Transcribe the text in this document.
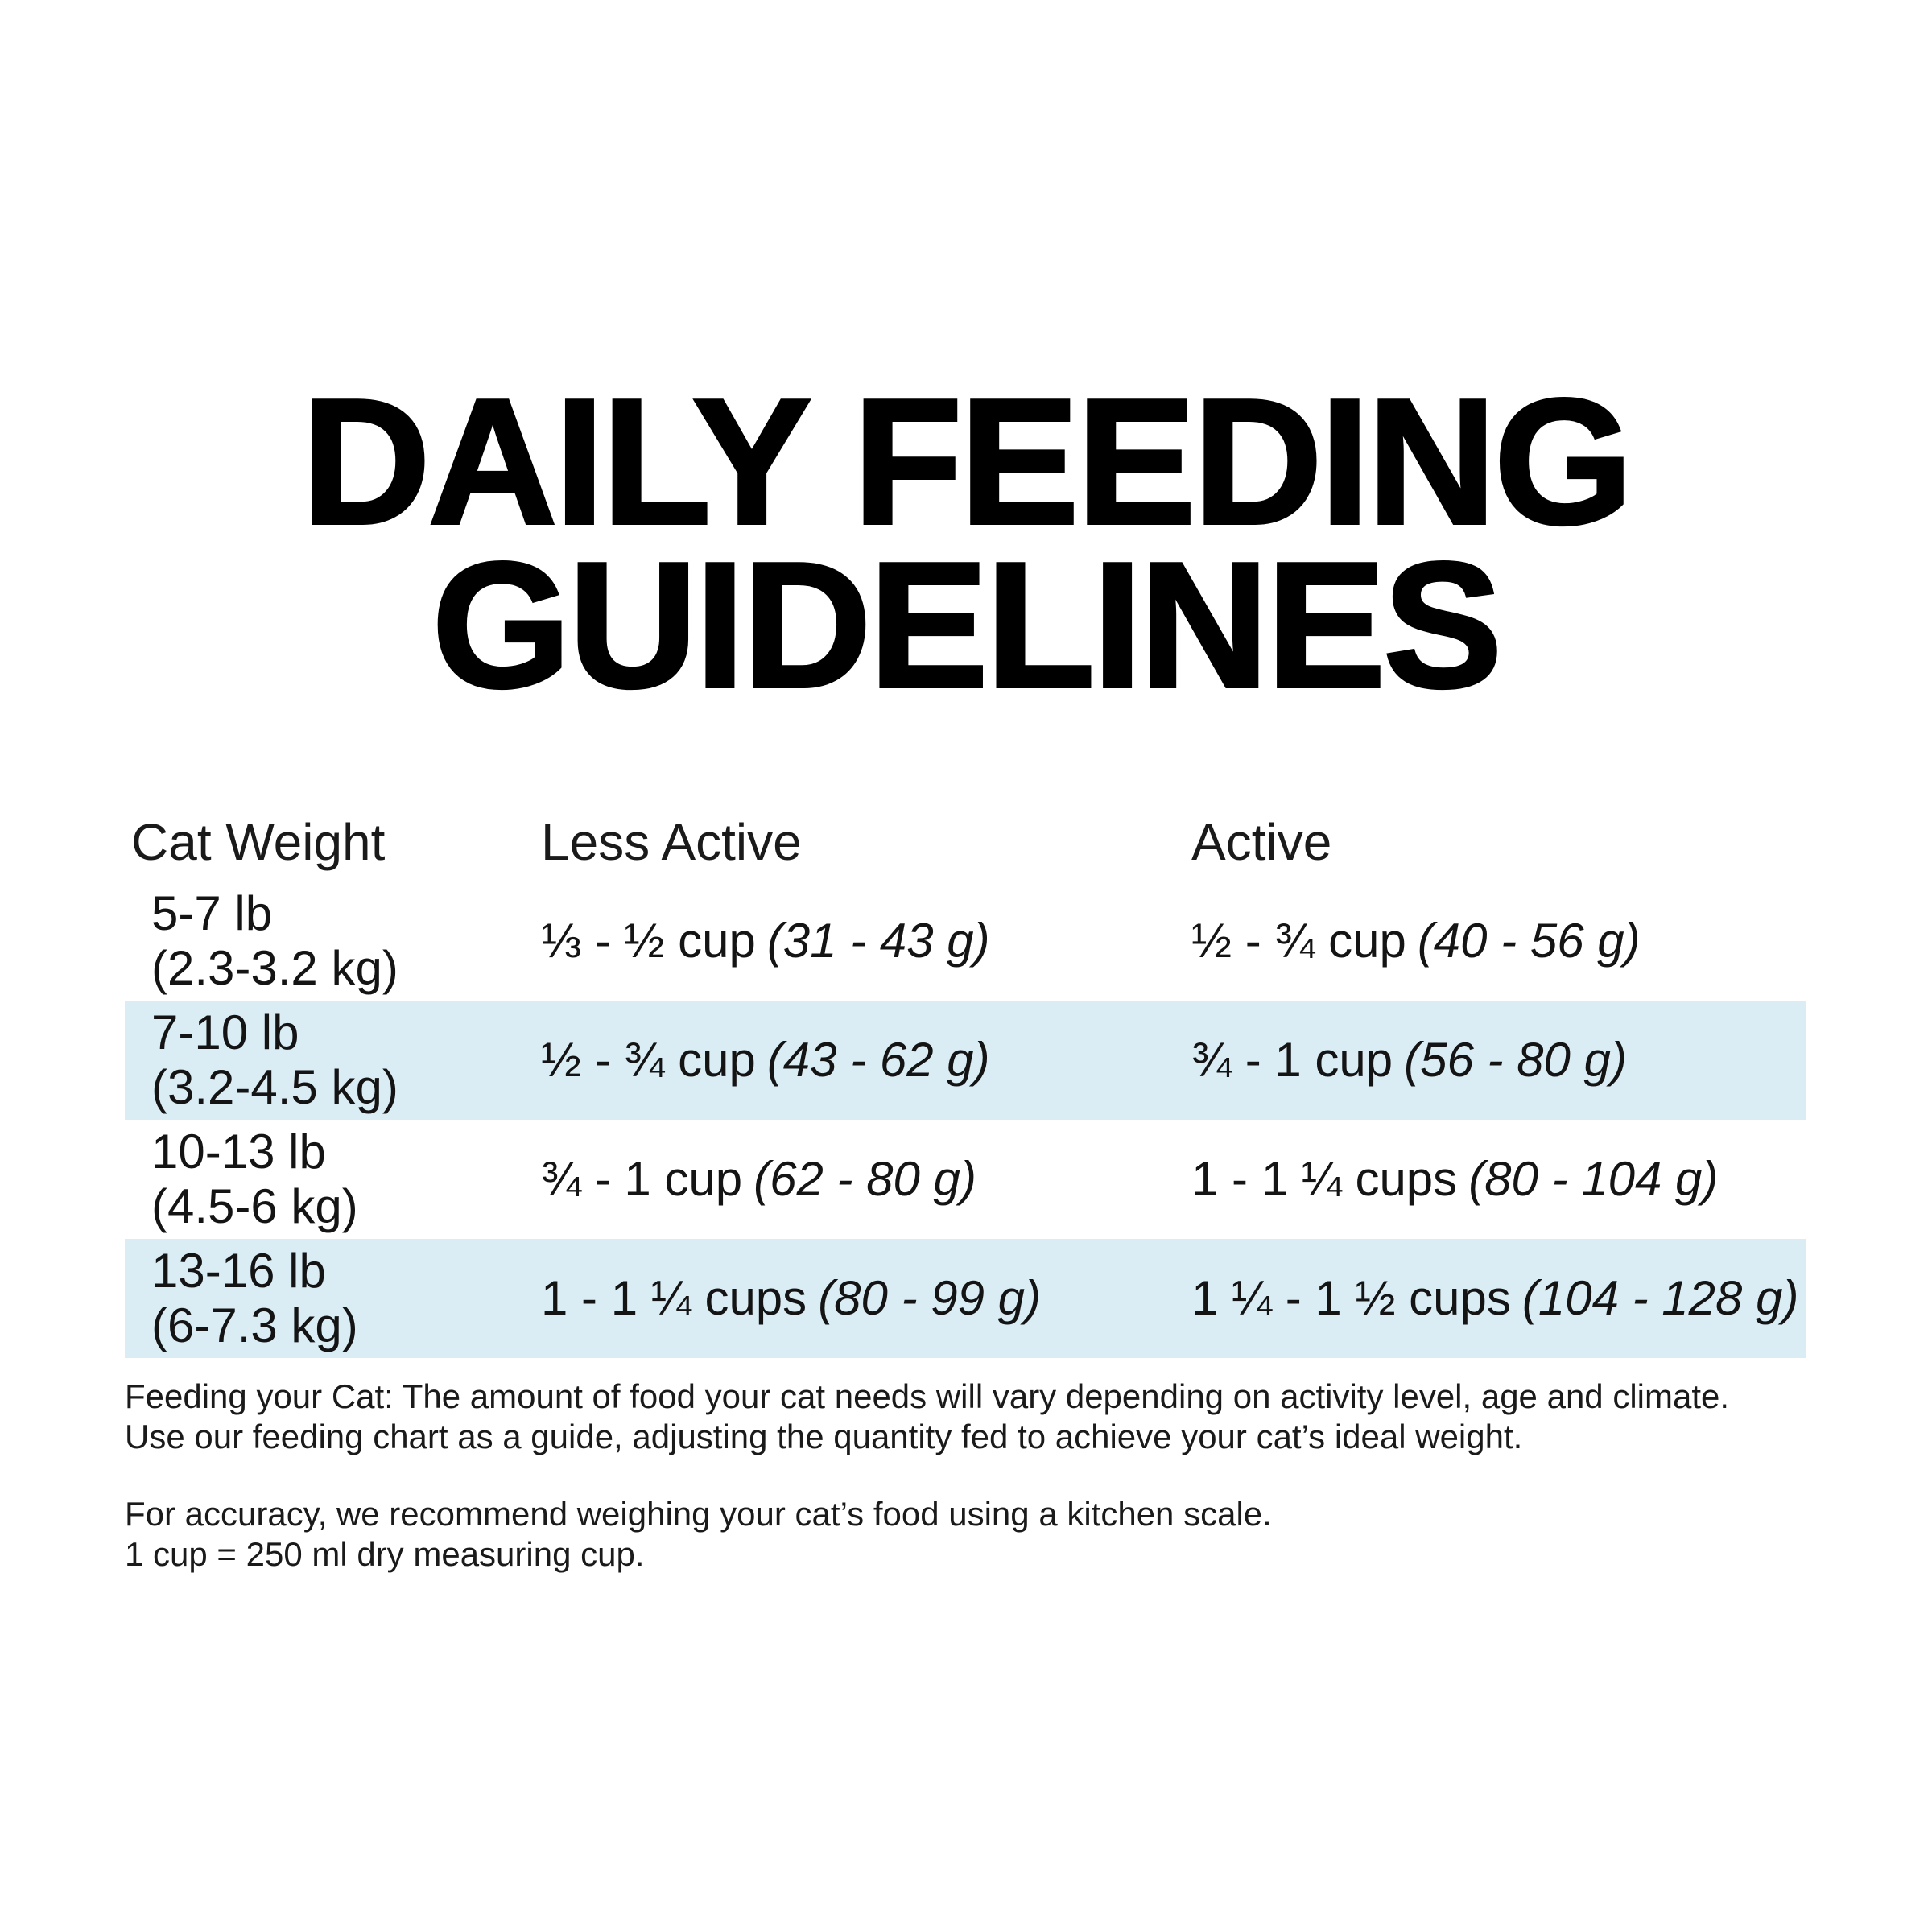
DAILY FEEDING
GUIDELINES
Cat Weight	Less Active	Active
5-7 lb
(2.3-3.2 kg)
⅓ - ½ cup (31 - 43 g)	½ - ¾ cup (40 - 56 g)
7-10 lb
(3.2-4.5 kg)
½ - ¾ cup (43 - 62 g)	¾ - 1 cup (56 - 80 g)
10-13 lb
(4.5-6 kg)
¾ - 1 cup (62 - 80 g)	1 - 1 ¼ cups (80 - 104 g)
13-16 lb
(6-7.3 kg)
1 - 1 ¼ cups (80 - 99 g)	1 ¼ - 1 ½ cups (104 - 128 g)

Feeding your Cat: The amount of food your cat needs will vary depending on activity level, age and climate.
Use our feeding chart as a guide, adjusting the quantity fed to achieve your cat’s ideal weight.

For accuracy, we recommend weighing your cat’s food using a kitchen scale.
1 cup = 250 ml dry measuring cup.
